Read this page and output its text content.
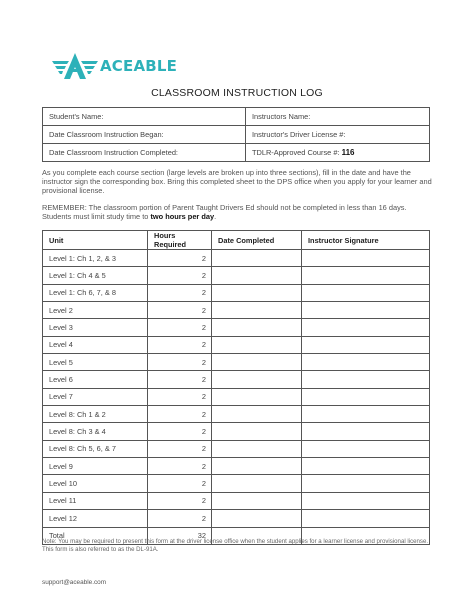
ACEABLE
CLASSROOM INSTRUCTION LOG
Student's Name:	Instructors Name:
Date Classroom Instruction Began:	Instructor's Driver License #:
Date Classroom Instruction Completed:	TDLR-Approved Course #: 116
As you complete each course section (large levels are broken up into three sections), fill in the date and have the instructor sign the corresponding box. Bring this completed sheet to the DPS office when you apply for your learner and provisional license.
REMEMBER: The classroom portion of Parent Taught Drivers Ed should not be completed in less than 16 days. Students must limit study time to two hours per day.
Unit	Hours Required	Date Completed	Instructor Signature
Level 1: Ch 1, 2, & 3	2		
Level 1: Ch 4 & 5	2		
Level 1: Ch 6, 7, & 8	2		
Level 2	2		
Level 3	2		
Level 4	2		
Level 5	2		
Level 6	2		
Level 7	2		
Level 8: Ch 1 & 2	2		
Level 8: Ch 3 & 4	2		
Level 8: Ch 5, 6, & 7	2		
Level 9	2		
Level 10	2		
Level 11	2		
Level 12	2		
Total	32		
Note: You may be required to present this form at the driver license office when the student applies for a learner license and provisional license. This form is also referred to as the DL-91A.
support@aceable.com
